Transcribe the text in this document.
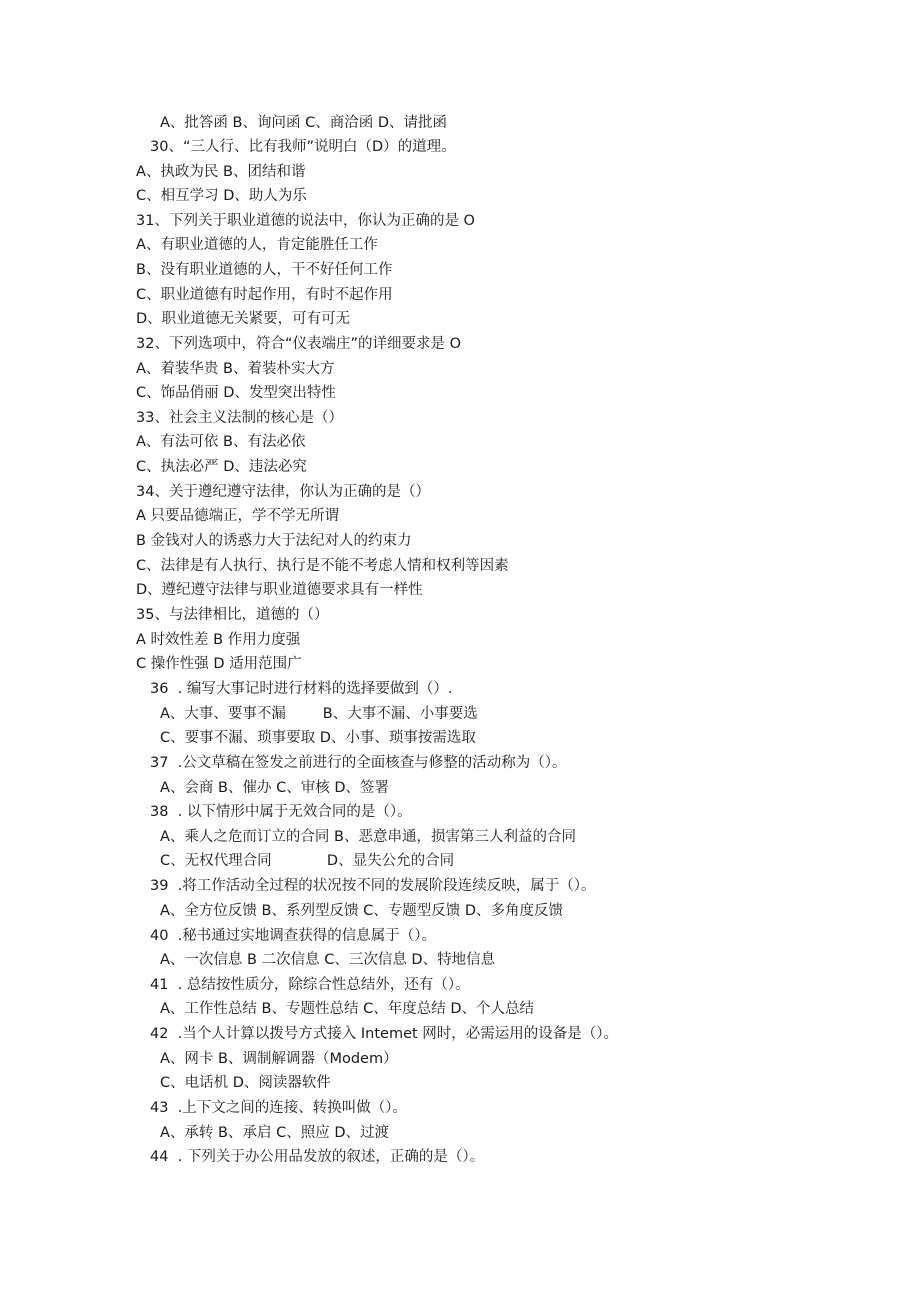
A、批答函 B、询问函 C、商洽函 D、请批函
30、“三人行、比有我师”说明白（D）的道理。
A、执政为民 B、团结和谐
C、相互学习 D、助人为乐
31、下列关于职业道德的说法中，你认为正确的是 O
A、有职业道德的人，肯定能胜任工作
B、没有职业道德的人，干不好任何工作
C、职业道德有时起作用，有时不起作用
D、职业道德无关紧要，可有可无
32、下列选项中，符合“仪表端庄”的详细要求是 O
A、着装华贵 B、着装朴实大方
C、饰品俏丽 D、发型突出特性
33、社会主义法制的核心是（）
A、有法可依 B、有法必依
C、执法必严 D、违法必究
34、关于遵纪遵守法律，你认为正确的是（）
A 只要品德端正，学不学无所谓
B 金钱对人的诱惑力大于法纪对人的约束力
C、法律是有人执行、执行是不能不考虑人情和权利等因素
D、遵纪遵守法律与职业道德要求具有一样性
35、与法律相比，道德的（）
A 时效性差 B 作用力度强
C 操作性强 D 适用范围广
36  . 编写大事记时进行材料的选择要做到（）.
A、大事、要事不漏        B、大事不漏、小事要选
C、要事不漏、琐事要取 D、小事、琐事按需选取
37  .公文草稿在签发之前进行的全面核查与修整的活动称为（）。
A、会商 B、催办 C、审核 D、签署
38  . 以下情形中属于无效合同的是（）。
A、乘人之危而订立的合同 B、恶意串通，损害第三人利益的合同
C、无权代理合同            D、显失公允的合同
39  .将工作活动全过程的状况按不同的发展阶段连续反映，属于（）。
A、全方位反馈 B、系列型反馈 C、专题型反馈 D、多角度反馈
40  .秘书通过实地调查获得的信息属于（）。
A、一次信息 B 二次信息 C、三次信息 D、特地信息
41  . 总结按性质分，除综合性总结外，还有（）。
A、工作性总结 B、专题性总结 C、年度总结 D、个人总结
42  .当个人计算以拨号方式接入 Intemet 网时，必需运用的设备是（）。
A、网卡 B、调制解调器（Modem）
C、电话机 D、阅读器软件
43  .上下文之间的连接、转换叫做（）。
A、承转 B、承启 C、照应 D、过渡
44  . 下列关于办公用品发放的叙述，正确的是（）。
